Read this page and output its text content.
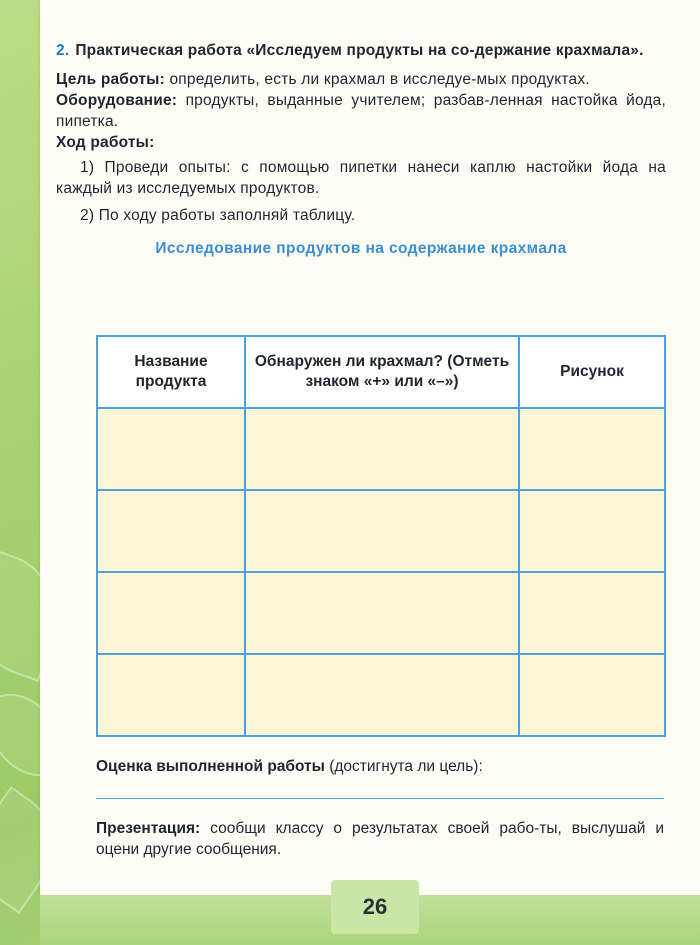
2. Практическая работа «Исследуем продукты на со-держание крахмала».
Цель работы: определить, есть ли крахмал в исследуе-мых продуктах.
Оборудование: продукты, выданные учителем; разбав-ленная настойка йода, пипетка.
Ход работы:
1) Проведи опыты: с помощью пипетки нанеси каплю настойки йода на каждый из исследуемых продуктов.
2) По ходу работы заполняй таблицу.
Исследование продуктов на содержание крахмала
Название продукта	Обнаружен ли крахмал? (Отметь знаком «+» или «–»)	Рисунок

Оценка выполненной работы (достигнута ли цель):
Презентация: сообщи классу о результатах своей рабо-ты, выслушай и оцени другие сообщения.
26
